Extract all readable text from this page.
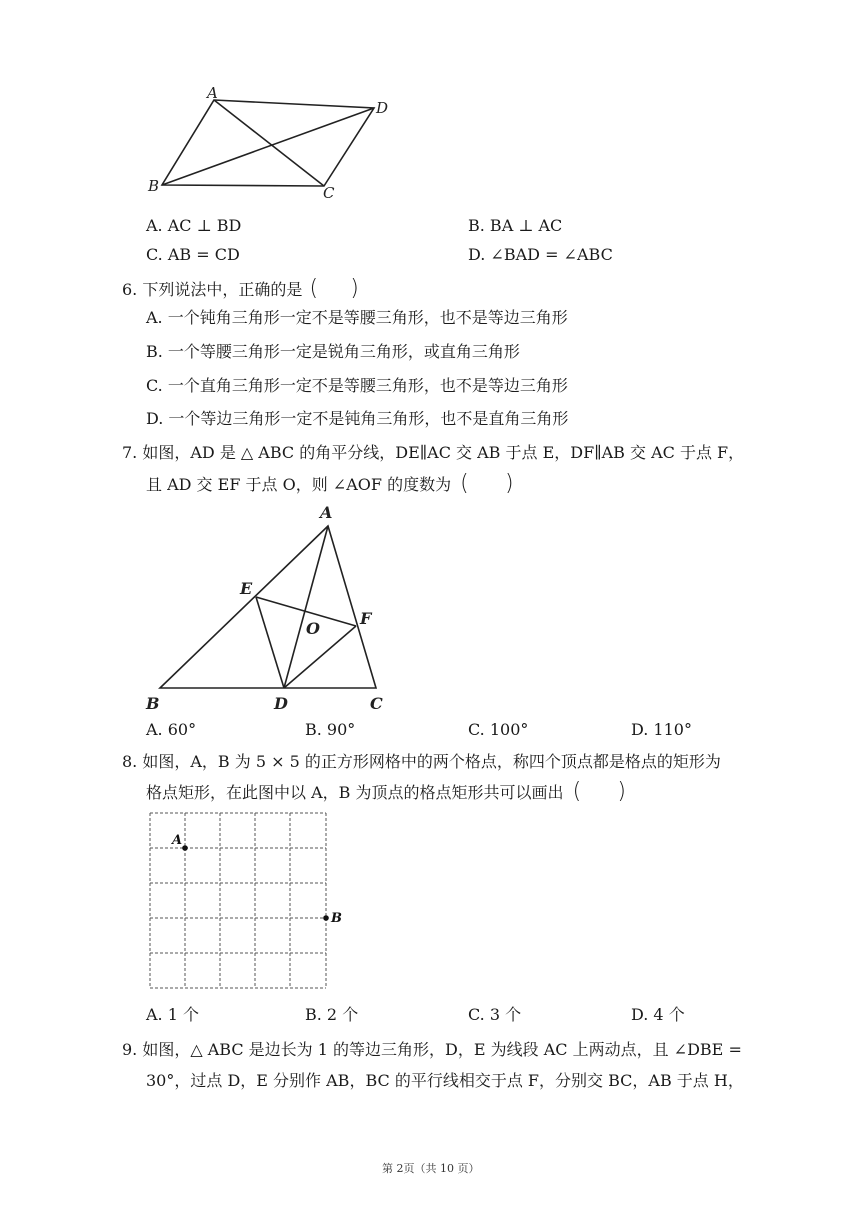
A
D
B	C
A. AC ⊥ BD	B. BA ⊥ AC
C. AB = CD	D. ∠BAD = ∠ABC
6. 下列说法中，正确的是 ( )
A. 一个钝角三角形一定不是等腰三角形，也不是等边三角形
B. 一个等腰三角形一定是锐角三角形，或直角三角形
C. 一个直角三角形一定不是等腰三角形，也不是等边三角形
D. 一个等边三角形一定不是钝角三角形，也不是直角三角形
7. 如图，AD 是 △ ABC 的角平分线，DE∥AC 交 AB 于点 E，DF∥AB 交 AC 于点 F，
且 AD 交 EF 于点 O，则 ∠AOF 的度数为 ( )
A
E
F
O
B	D	C
A. 60°	B. 90°	C. 100°	D. 110°
8. 如图，A，B 为 5 × 5 的正方形网格中的两个格点，称四个顶点都是格点的矩形为
格点矩形，在此图中以 A，B 为顶点的格点矩形共可以画出 ( )
A
B
A. 1 个	B. 2 个	C. 3 个	D. 4 个
9. 如图，△ ABC 是边长为 1 的等边三角形，D，E 为线段 AC 上两动点，且 ∠DBE =
30°，过点 D，E 分别作 AB，BC 的平行线相交于点 F，分别交 BC，AB 于点 H，
第 2页（共 10 页）
